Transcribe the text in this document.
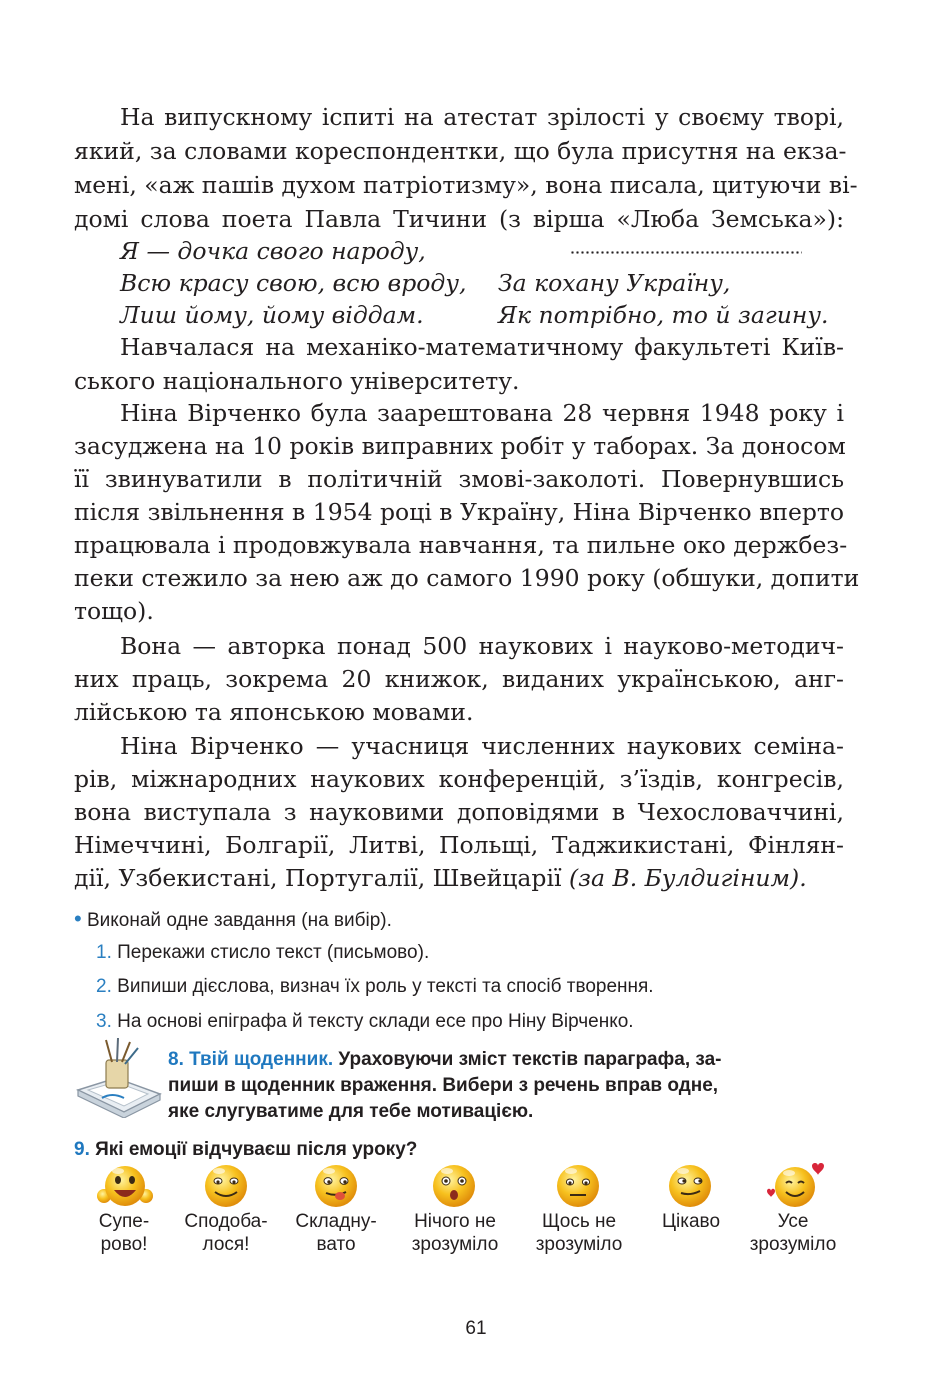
На випускному іспиті на атестат зрілості у своєму творі,
який, за словами кореспондентки, що була присутня на екза-
мені, «аж пашів духом патріотизму», вона писала, цитуючи ві-
домі слова поета Павла Тичини (з вірша «Люба Земська»):
Я — дочка свого народу,
Всю красу свою, всю вроду, За кохану Україну,
Лиш йому, йому віддам.	Як потрібно, то й загину.
Навчалася на механіко-математичному факультеті Київ-
ського національного університету.
Ніна Вірченко була заарештована 28 червня 1948 року і
засуджена на 10 років виправних робіт у таборах. За доносом
її звинуватили в політичній змові-заколоті. Повернувшись
після звільнення в 1954 році в Україну, Ніна Вірченко вперто
працювала і продовжувала навчання, та пильне око держбез-
пеки стежило за нею аж до самого 1990 року (обшуки, допити
тощо).
Вона — авторка понад 500 наукових і науково-методич-
них праць, зокрема 20 книжок, виданих українською, анг-
лійською та японською мовами.
Ніна Вірченко — учасниця численних наукових семіна-
рів, міжнародних наукових конференцій, з’їздів, конгресів,
вона виступала з науковими доповідями в Чехословаччині,
Німеччині, Болгарії, Литві, Польщі, Таджикистані, Фінлян-
дії, Узбекистані, Португалії, Швейцарії (за В. Булдигіним).
• Виконай одне завдання (на вибір).
1. Перекажи стисло текст (письмово).
2. Випиши дієслова, визнач їх роль у тексті та спосіб творення.
3. На основі епіграфа й тексту склади есе про Ніну Вірченко.
8. Твій щоденник. Ураховуючи зміст текстів параграфа, за-
пиши в щоденник враження. Вибери з речень вправ одне,
яке слугуватиме для тебе мотивацією.
9. Які емоції відчуваєш після уроку?
Супе-
рово!
Сподоба-
лося!
Складну-
вато
Нічого не
зрозуміло
Щось не
зрозуміло
Цікаво	Усе
зрозуміло
61
